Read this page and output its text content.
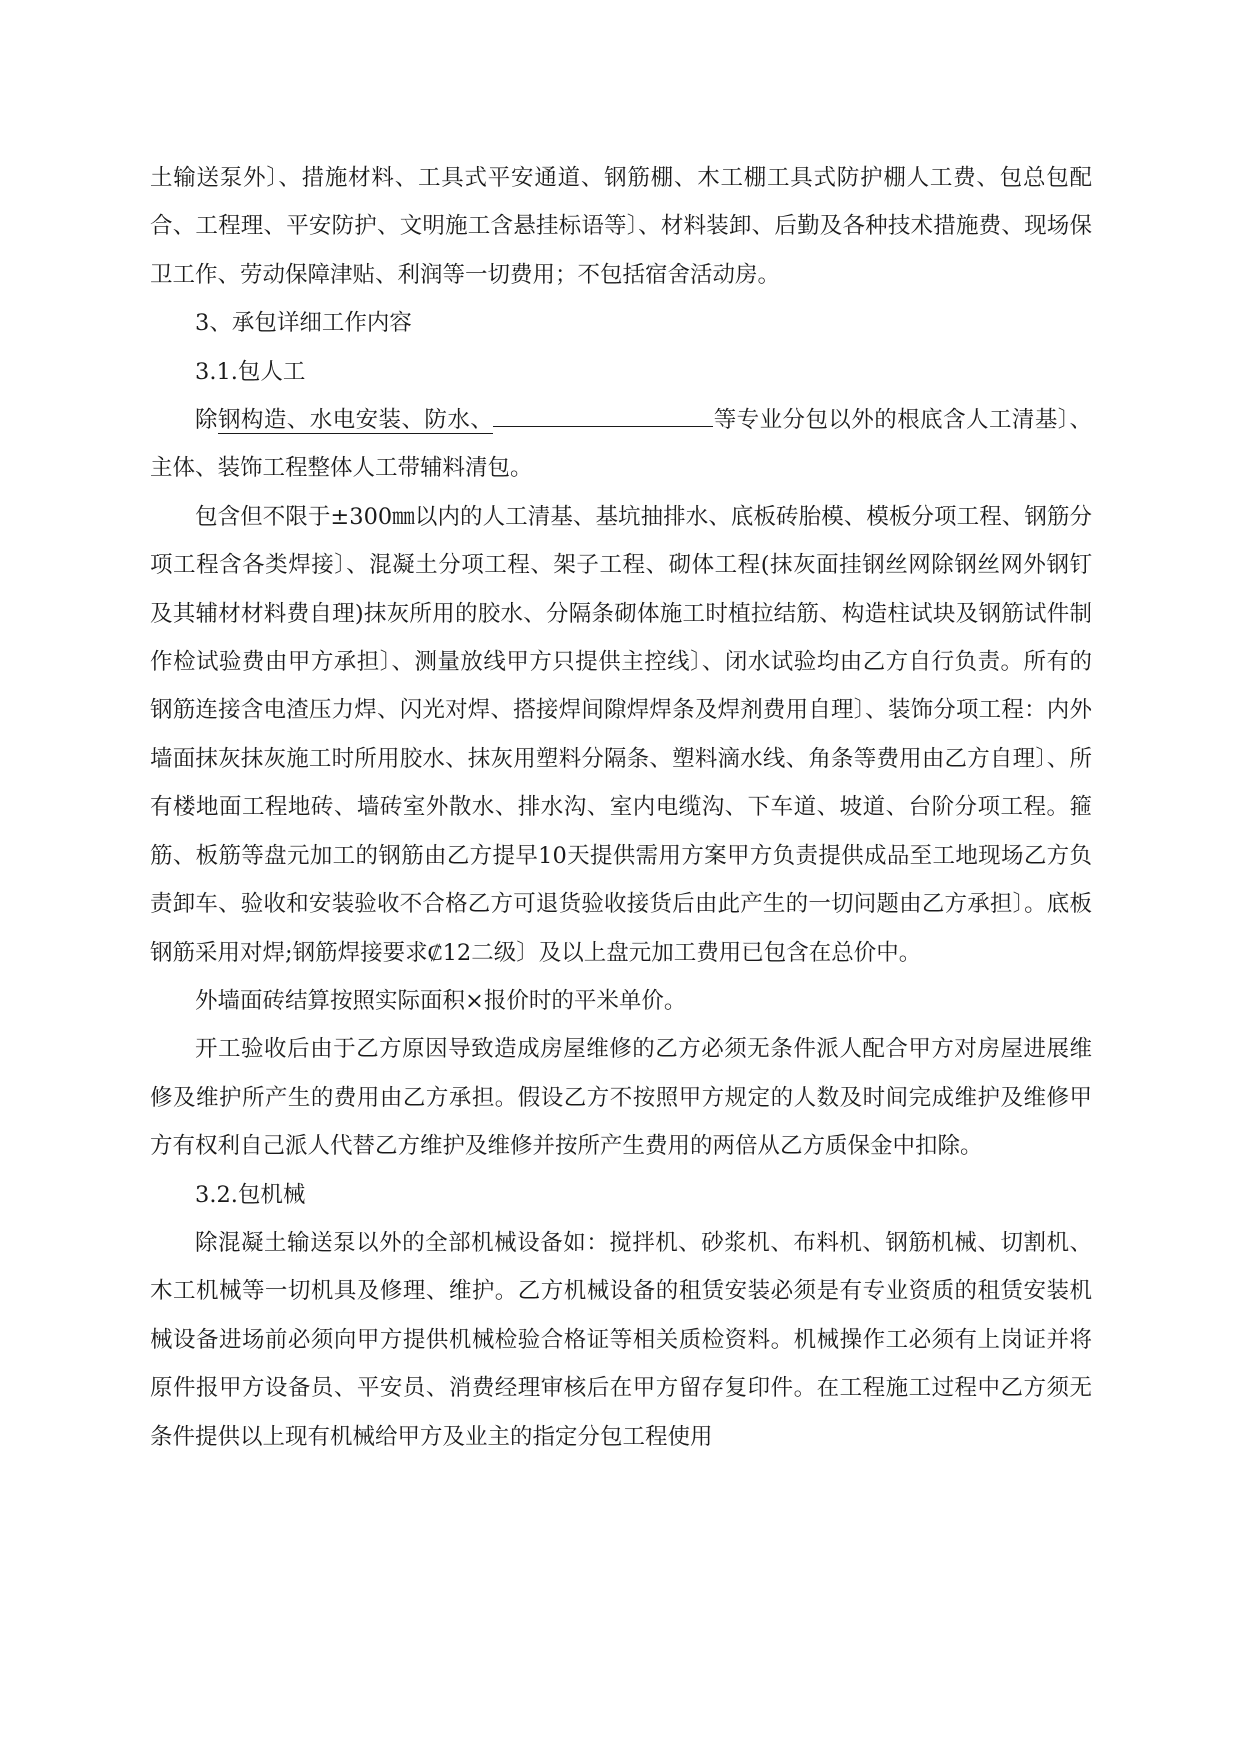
土输送泵外〕、措施材料、工具式平安通道、钢筋棚、木工棚工具式防护棚人工费、包总包配合、工程理、平安防护、文明施工含悬挂标语等〕、材料装卸、后勤及各种技术措施费、现场保卫工作、劳动保障津贴、利润等一切费用；不包括宿舍活动房。

3、承包详细工作内容

3.1.包人工

除钢构造、水电安装、防水、	等专业分包以外的根底含人工清基〕、主体、装饰工程整体人工带辅料清包。

包含但不限于±300㎜以内的人工清基、基坑抽排水、底板砖胎模、模板分项工程、钢筋分项工程含各类焊接〕、混凝土分项工程、架子工程、砌体工程(抹灰面挂钢丝网除钢丝网外钢钉及其辅材材料费自理)抹灰所用的胶水、分隔条砌体施工时植拉结筋、构造柱试块及钢筋试件制作检试验费由甲方承担〕、测量放线甲方只提供主控线〕、闭水试验均由乙方自行负责。所有的钢筋连接含电渣压力焊、闪光对焊、搭接焊间隙焊焊条及焊剂费用自理〕、装饰分项工程：内外墙面抹灰抹灰施工时所用胶水、抹灰用塑料分隔条、塑料滴水线、角条等费用由乙方自理〕、所有楼地面工程地砖、墙砖室外散水、排水沟、室内电缆沟、下车道、坡道、台阶分项工程。箍筋、板筋等盘元加工的钢筋由乙方提早10天提供需用方案甲方负责提供成品至工地现场乙方负责卸车、验收和安装验收不合格乙方可退货验收接货后由此产生的一切问题由乙方承担〕。底板钢筋采用对焊;钢筋焊接要求₡12二级〕及以上盘元加工费用已包含在总价中。

外墙面砖结算按照实际面积×报价时的平米单价。

开工验收后由于乙方原因导致造成房屋维修的乙方必须无条件派人配合甲方对房屋进展维修及维护所产生的费用由乙方承担。假设乙方不按照甲方规定的人数及时间完成维护及维修甲方有权利自己派人代替乙方维护及维修并按所产生费用的两倍从乙方质保金中扣除。

3.2.包机械

除混凝土输送泵以外的全部机械设备如：搅拌机、砂浆机、布料机、钢筋机械、切割机、木工机械等一切机具及修理、维护。乙方机械设备的租赁安装必须是有专业资质的租赁安装机械设备进场前必须向甲方提供机械检验合格证等相关质检资料。机械操作工必须有上岗证并将原件报甲方设备员、平安员、消费经理审核后在甲方留存复印件。在工程施工过程中乙方须无条件提供以上现有机械给甲方及业主的指定分包工程使用
